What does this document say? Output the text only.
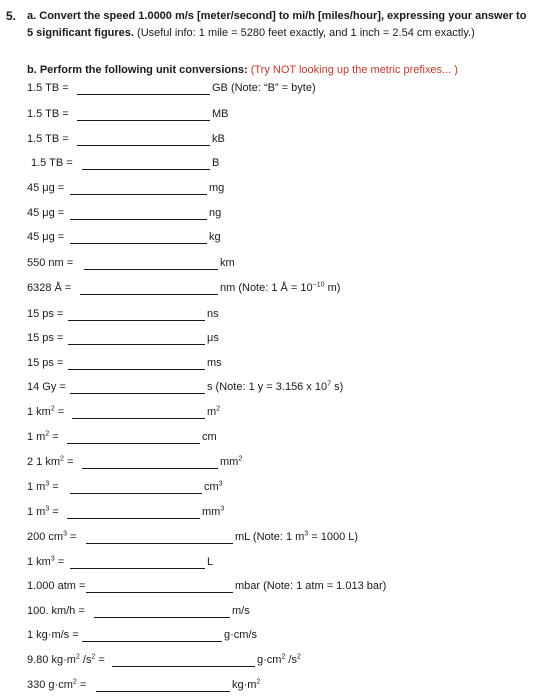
5. a. Convert the speed 1.0000 m/s [meter/second] to mi/h [miles/hour], expressing your answer to 5 significant figures. (Useful info: 1 mile = 5280 feet exactly, and 1 inch = 2.54 cm exactly.)
b. Perform the following unit conversions: (Try NOT looking up the metric prefixes... )
1.5 TB =	GB (Note: “B” = byte)
1.5 TB =	MB
1.5 TB =	kB
1.5 TB =	B
45 μg =	mg
45 μg =	ng
45 μg =	kg
550 nm =	km
6328 Å =	nm (Note: 1 Å = $10^{-10}$ m)
15 ps =	ns
15 ps =	μs
15 ps =	ms
14 Gy =	s (Note: 1 y = 3.156 x $10^7$ s)
1 $km^2$ =	$m^2$
1 $m^2$ =	cm
2 1 $km^2$ =	$mm^2$
1 $m^3$ =	$cm^3$
1 $m^3$ =	$mm^3$
200 $cm^3$ =	mL (Note: 1 $m^3 = 1000$ L)
1 $km^3$ =	L
1.000 atm =	mbar (Note: 1 atm = 1.013 bar)
100. km/h =	m/s
1 kg·m/s =	g·cm/s
9.80 $kg\cdot m^2$ $/s^2$ =	$g\cdot cm^2$ $/s^2$
330 $g\cdot cm^2$ =	$kg\cdot m^2$
